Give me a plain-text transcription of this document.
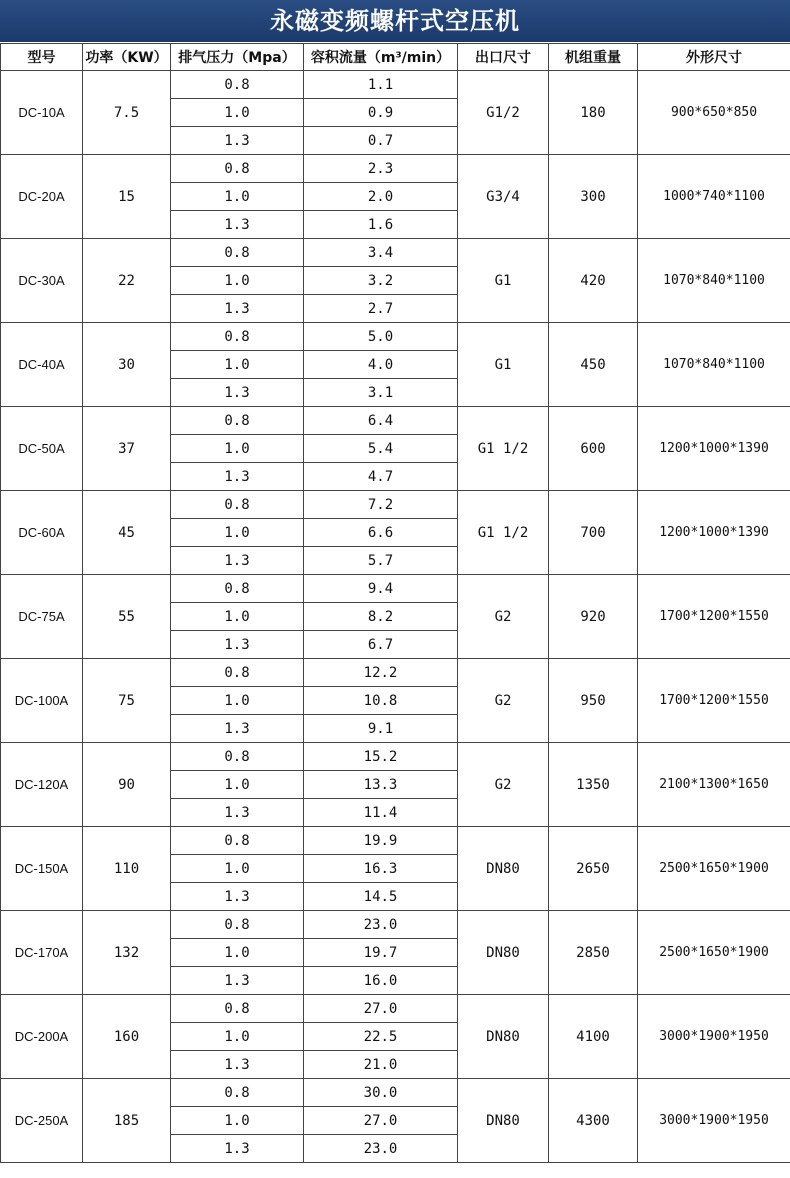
永磁变频螺杆式空压机
型号	功率（KW）	排气压力（Mpa）	容积流量（m³/min）	出口尺寸	机组重量	外形尺寸
DC-10A	7.5	0.8	1.1	G1/2	180	900*650*850
		1.0	0.9			
		1.3	0.7			
DC-20A	15	0.8	2.3	G3/4	300	1000*740*1100
		1.0	2.0			
		1.3	1.6			
DC-30A	22	0.8	3.4	G1	420	1070*840*1100
		1.0	3.2			
		1.3	2.7			
DC-40A	30	0.8	5.0	G1	450	1070*840*1100
		1.0	4.0			
		1.3	3.1			
DC-50A	37	0.8	6.4	G1 1/2	600	1200*1000*1390
		1.0	5.4			
		1.3	4.7			
DC-60A	45	0.8	7.2	G1 1/2	700	1200*1000*1390
		1.0	6.6			
		1.3	5.7			
DC-75A	55	0.8	9.4	G2	920	1700*1200*1550
		1.0	8.2			
		1.3	6.7			
DC-100A	75	0.8	12.2	G2	950	1700*1200*1550
		1.0	10.8			
		1.3	9.1			
DC-120A	90	0.8	15.2	G2	1350	2100*1300*1650
		1.0	13.3			
		1.3	11.4			
DC-150A	110	0.8	19.9	DN80	2650	2500*1650*1900
		1.0	16.3			
		1.3	14.5			
DC-170A	132	0.8	23.0	DN80	2850	2500*1650*1900
		1.0	19.7			
		1.3	16.0			
DC-200A	160	0.8	27.0	DN80	4100	3000*1900*1950
		1.0	22.5			
		1.3	21.0			
DC-250A	185	0.8	30.0	DN80	4300	3000*1900*1950
		1.0	27.0			
		1.3	23.0			
